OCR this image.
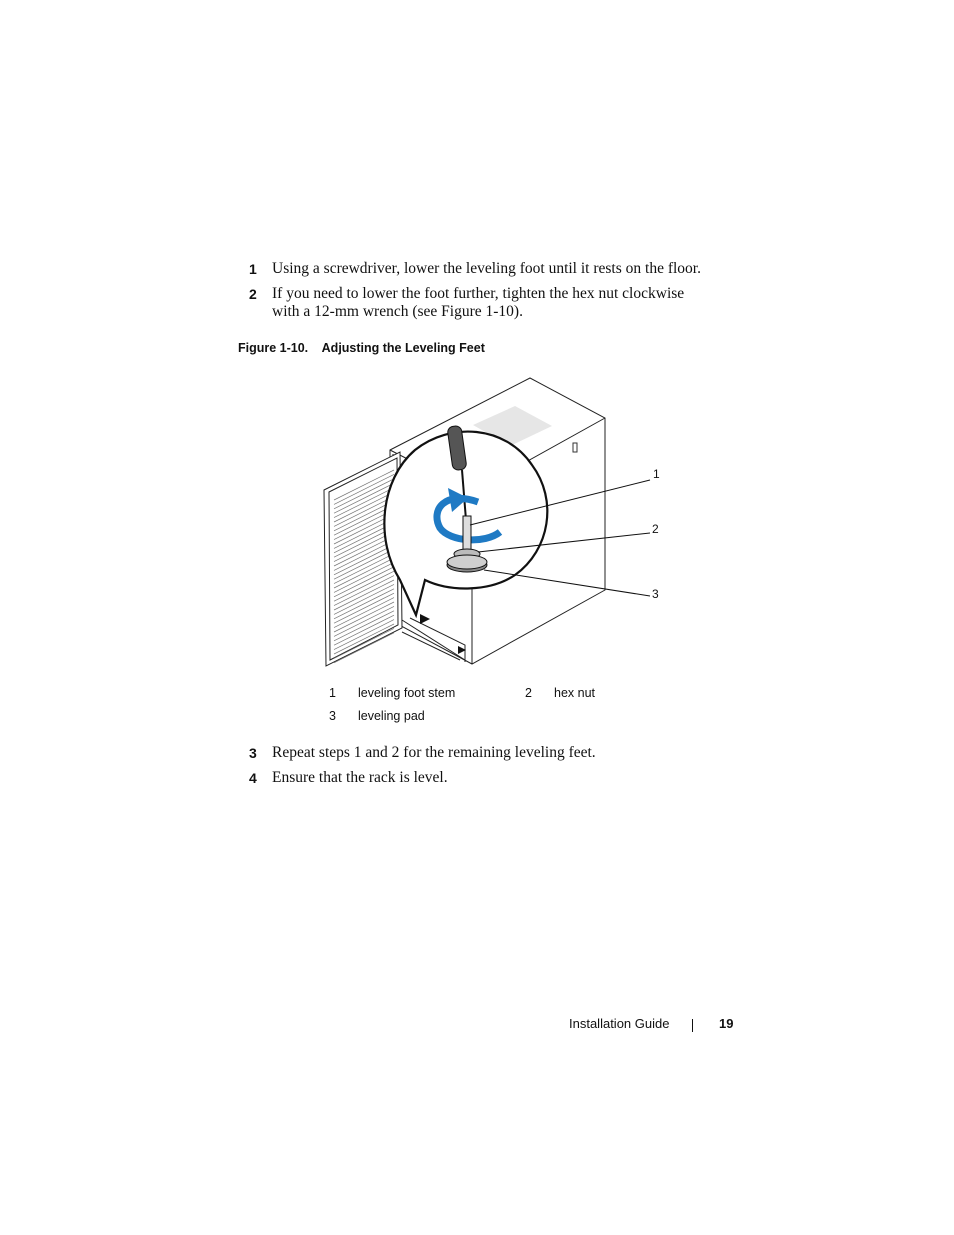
1 Using a screwdriver, lower the leveling foot until it rests on the floor.
2 If you need to lower the foot further, tighten the hex nut clockwise with a 12-mm wrench (see Figure 1-10).
Figure 1-10. Adjusting the Leveling Feet
1
2
3
1 leveling foot stem	2 hex nut
3 leveling pad
3 Repeat steps 1 and 2 for the remaining leveling feet.
4 Ensure that the rack is level.
Installation Guide	19
